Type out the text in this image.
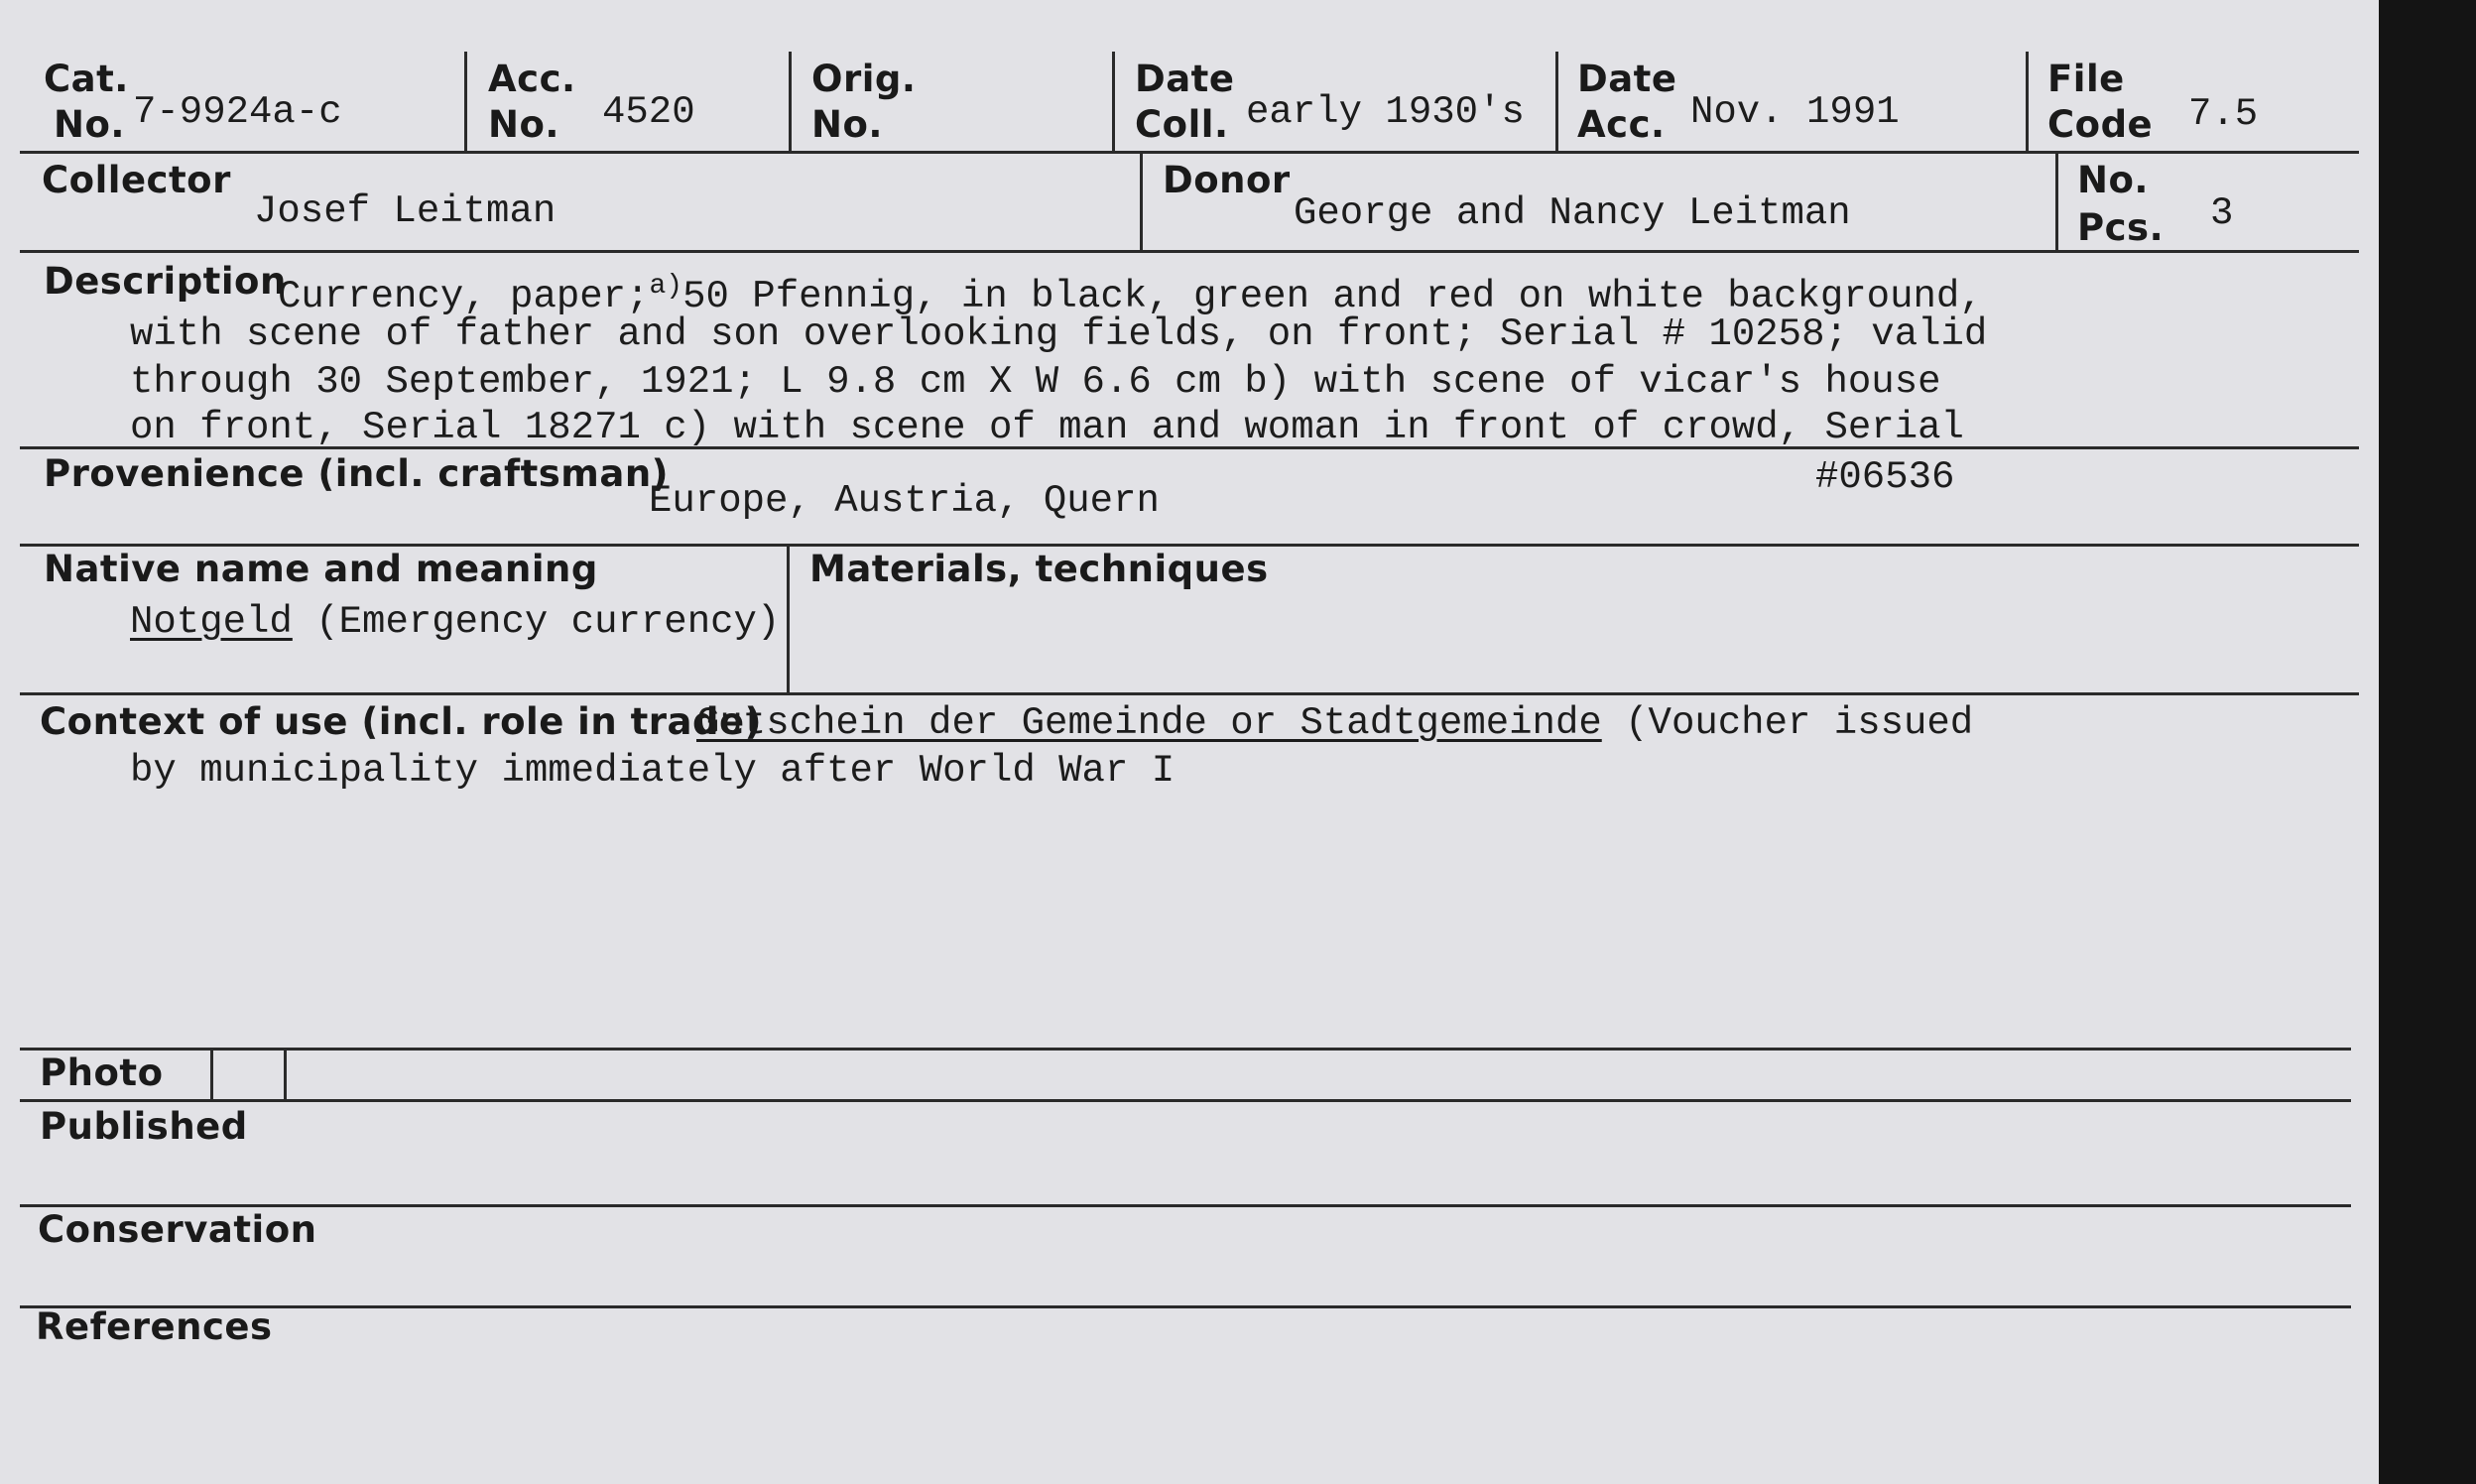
Cat.
No. 7-9924a-c
Acc.
No. 4520
Orig.
No.
Date
Coll. early 1930's
Date
Acc. Nov. 1991
File
Code 7.5
Collector
Josef Leitman
Donor
George and Nancy Leitman
No.
Pcs. 3
Description
Currency, paper;$^{a)}$50 Pfennig, in black, green and red on white background,
with scene of father and son overlooking fields, on front; Serial # 10258; valid
through 30 September, 1921; L 9.8 cm X W 6.6 cm b) with scene of vicar's house
on front, Serial 18271 c) with scene of man and woman in front of crowd, Serial
Provenience (incl. craftsman)
Europe, Austria, Quern
#06536
Native name and meaning
Notgeld (Emergency currency)
Materials, techniques
Context of use (incl. role in trade)
Gutschein der Gemeinde or Stadtgemeinde (Voucher issued
by municipality immediately after World War I
Photo
Published
Conservation
References
